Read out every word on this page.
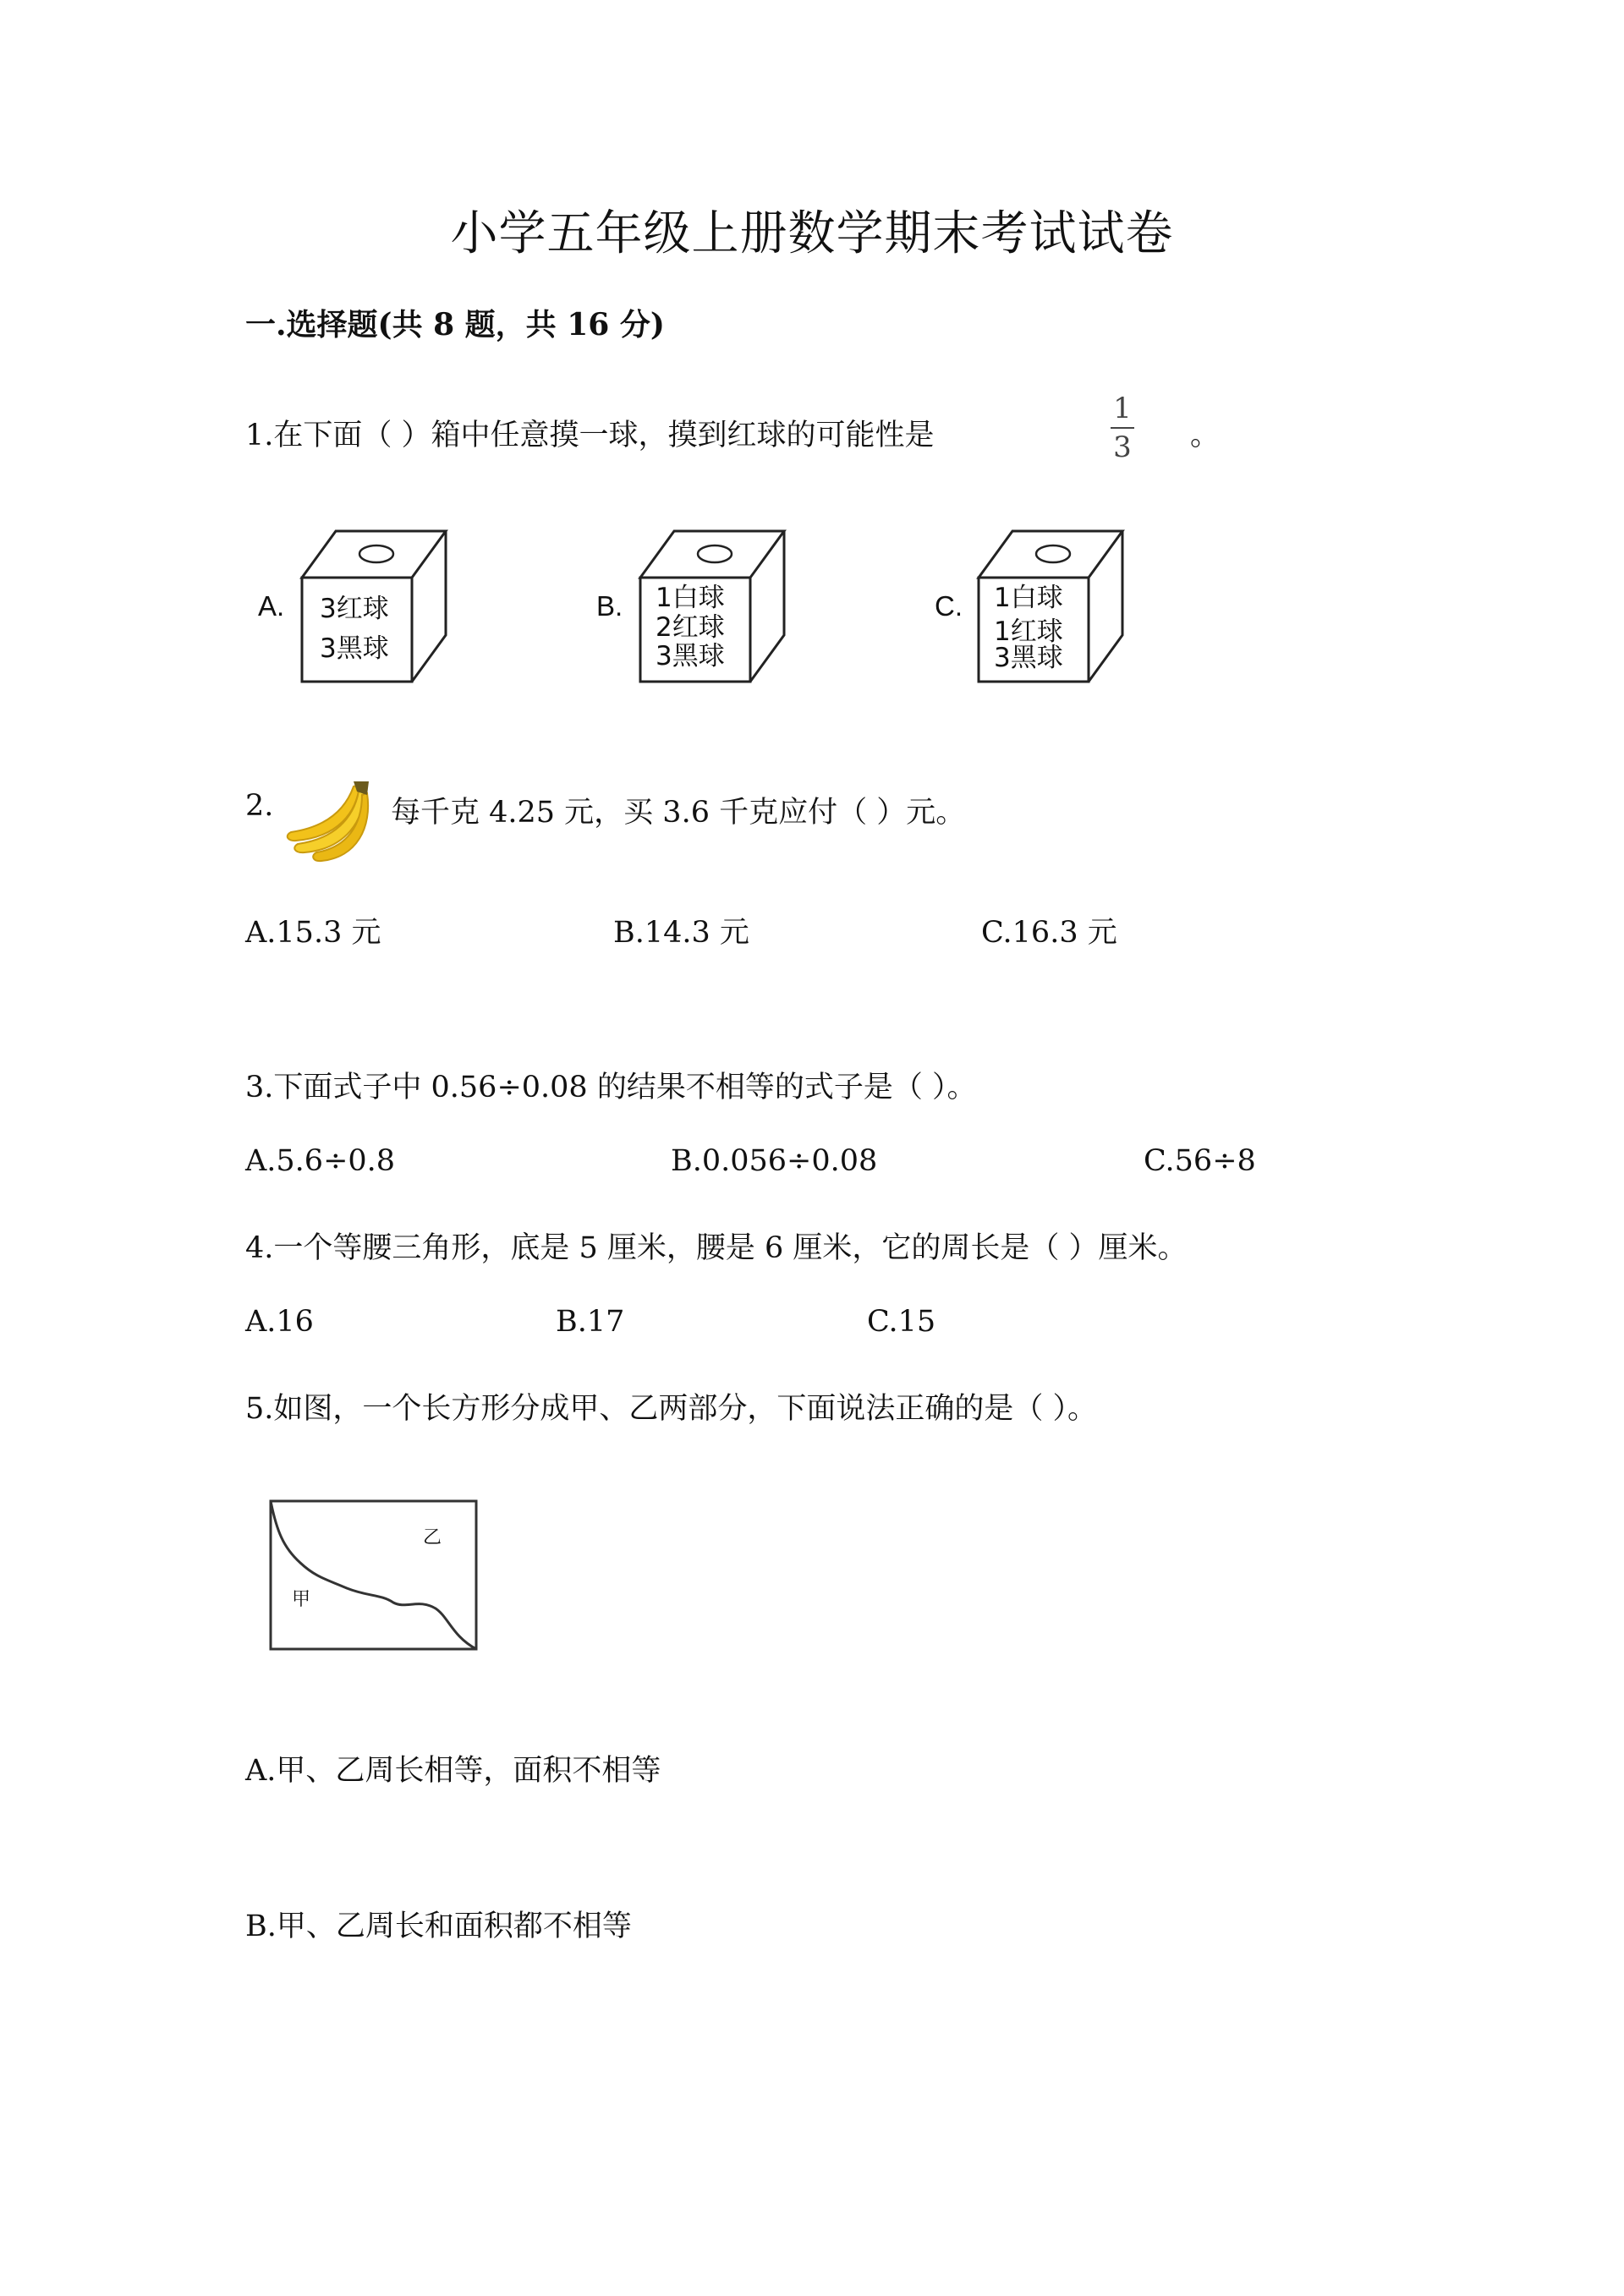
小学五年级上册数学期末考试试卷
一.选择题(共 8 题，共 16 分)
1.在下面（ ）箱中任意摸一球，摸到红球的可能性是
1
3 。
A. 3红球
3黑球
B. 1白球
2红球
3黑球
C. 1白球
1红球
3黑球
2.	每千克 4.25 元，买 3.6 千克应付（ ）元。
A.15.3 元	B.14.3 元	C.16.3 元
3.下面式子中 0.56÷0.08 的结果不相等的式子是（ ）。
A.5.6÷0.8	B.0.056÷0.08	C.56÷8
4.一个等腰三角形，底是 5 厘米，腰是 6 厘米，它的周长是（ ）厘米。
A.16	B.17	C.15
5.如图，一个长方形分成甲、乙两部分，下面说法正确的是（ ）。
甲
乙
A.甲、乙周长相等，面积不相等
B.甲、乙周长和面积都不相等
